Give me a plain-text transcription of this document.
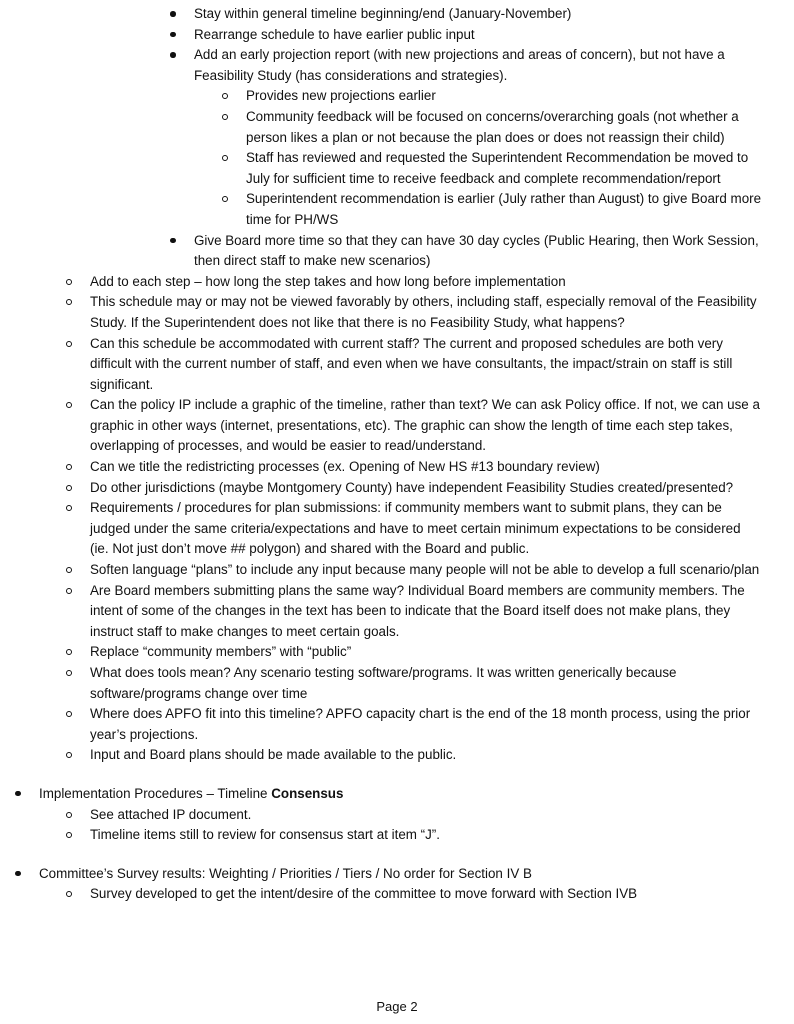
Stay within general timeline beginning/end (January-November)
Rearrange schedule to have earlier public input
Add an early projection report (with new projections and areas of concern), but not have a Feasibility Study (has considerations and strategies).
Provides new projections earlier
Community feedback will be focused on concerns/overarching goals (not whether a person likes a plan or not because the plan does or does not reassign their child)
Staff has reviewed and requested the Superintendent Recommendation be moved to July for sufficient time to receive feedback and complete recommendation/report
Superintendent recommendation is earlier (July rather than August) to give Board more time for PH/WS
Give Board more time so that they can have 30 day cycles (Public Hearing, then Work Session, then direct staff to make new scenarios)
Add to each step – how long the step takes and how long before implementation
This schedule may or may not be viewed favorably by others, including staff, especially removal of the Feasibility Study. If the Superintendent does not like that there is no Feasibility Study, what happens?
Can this schedule be accommodated with current staff? The current and proposed schedules are both very difficult with the current number of staff, and even when we have consultants, the impact/strain on staff is still significant.
Can the policy IP include a graphic of the timeline, rather than text? We can ask Policy office. If not, we can use a graphic in other ways (internet, presentations, etc). The graphic can show the length of time each step takes, overlapping of processes, and would be easier to read/understand.
Can we title the redistricting processes (ex. Opening of New HS #13 boundary review)
Do other jurisdictions (maybe Montgomery County) have independent Feasibility Studies created/presented?
Requirements / procedures for plan submissions: if community members want to submit plans, they can be judged under the same criteria/expectations and have to meet certain minimum expectations to be considered (ie. Not just don’t move ## polygon) and shared with the Board and public.
Soften language “plans” to include any input because many people will not be able to develop a full scenario/plan
Are Board members submitting plans the same way? Individual Board members are community members. The intent of some of the changes in the text has been to indicate that the Board itself does not make plans, they instruct staff to make changes to meet certain goals.
Replace “community members” with “public”
What does tools mean? Any scenario testing software/programs. It was written generically because software/programs change over time
Where does APFO fit into this timeline? APFO capacity chart is the end of the 18 month process, using the prior year’s projections.
Input and Board plans should be made available to the public.
Implementation Procedures – Timeline Consensus
See attached IP document.
Timeline items still to review for consensus start at item “J”.
Committee’s Survey results: Weighting / Priorities / Tiers / No order for Section IV B
Survey developed to get the intent/desire of the committee to move forward with Section IVB
Page 2
